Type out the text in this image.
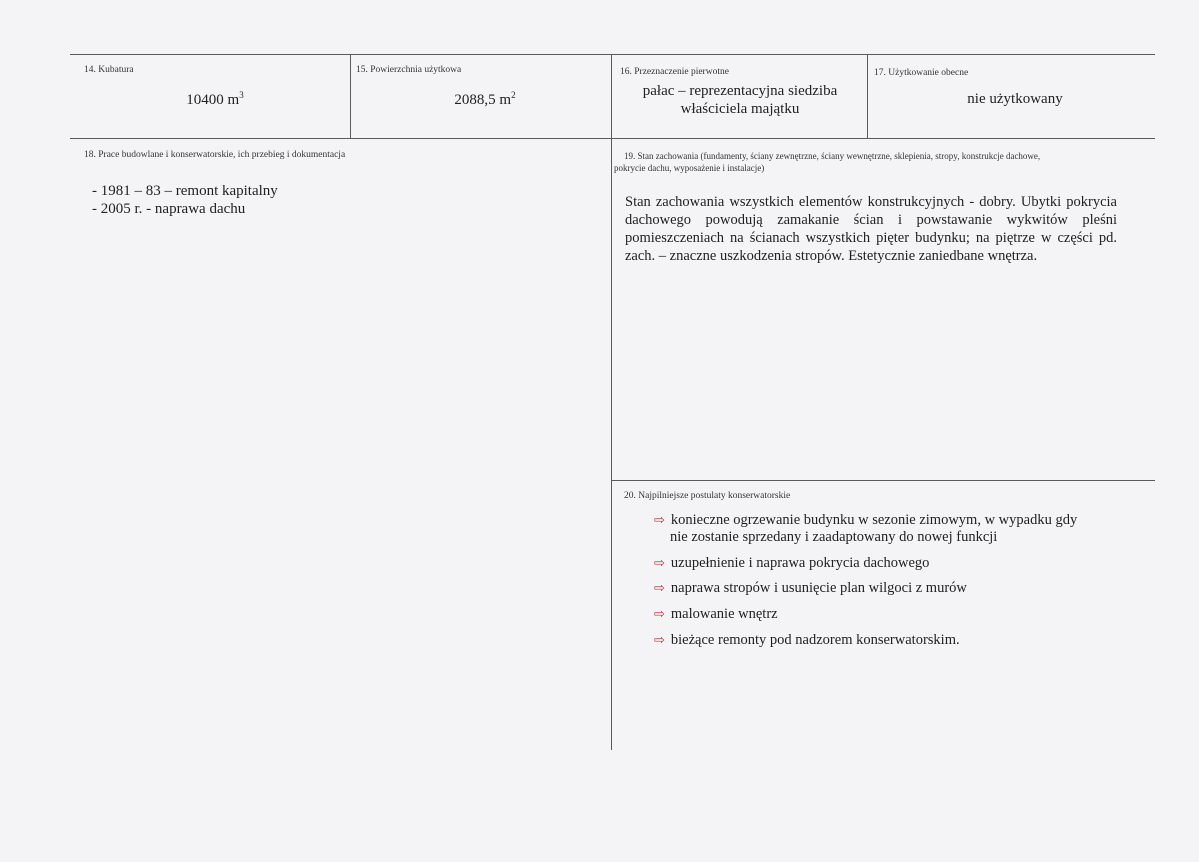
14. Kubatura
10400 $m^3$
15. Powierzchnia użytkowa
2088,5 $m^2$
16. Przeznaczenie pierwotne
pałac – reprezentacyjna siedziba
właściciela majątku
17. Użytkowanie obecne
nie użytkowany
18. Prace budowlane i konserwatorskie, ich przebieg i dokumentacja
- 1981 – 83 – remont kapitalny
- 2005 r. - naprawa dachu
19. Stan zachowania (fundamenty, ściany zewnętrzne, ściany wewnętrzne, sklepienia, stropy, konstrukcje dachowe,
pokrycie dachu, wyposażenie i instalacje)
Stan zachowania wszystkich elementów konstrukcyjnych - dobry. Ubytki pokrycia dachowego powodują zamakanie ścian i powstawanie wykwitów pleśni pomieszczeniach na ścianach wszystkich pięter budynku; na piętrze w części pd. zach. – znaczne uszkodzenia stropów. Estetycznie zaniedbane wnętrza.
20. Najpilniejsze postulaty konserwatorskie
⇨ konieczne ogrzewanie budynku w sezonie zimowym, w wypadku gdy
nie zostanie sprzedany i zaadaptowany do nowej funkcji
⇨ uzupełnienie i naprawa pokrycia dachowego
⇨ naprawa stropów i usunięcie plan wilgoci z murów
⇨ malowanie wnętrz
⇨ bieżące remonty pod nadzorem konserwatorskim.
